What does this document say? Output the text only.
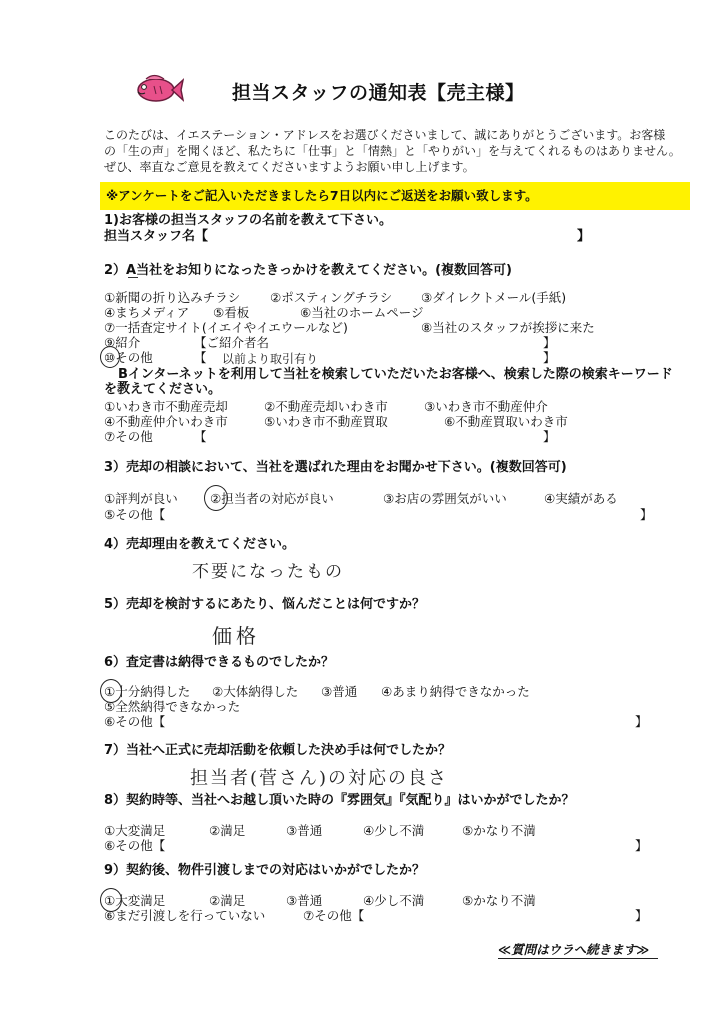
担当スタッフの通知表【売主様】
このたびは、イエステーション・アドレスをお選びくださいまして、誠にありがとうございます。お客様
の「生の声」を聞くほど、私たちに「仕事」と「情熱」と「やりがい」を与えてくれるものはありません。
ぜひ、率直なご意見を教えてくださいますようお願い申し上げます。
※アンケートをご記入いただきましたら7日以内にご返送をお願い致します。
1)お客様の担当スタッフの名前を教えて下さい。
担当スタッフ名【	】
2）A当社をお知りになったきっかけを教えてください。(複数回答可)
①新聞の折り込みチラシ ②ポスティングチラシ ③ダイレクトメール(手紙)
④まちメディア ⑤看板	⑥当社のホームページ
⑦一括査定サイト(イエイやイエウールなど)	⑧当社のスタッフが挨拶に来た
⑨紹介	【ご紹介者名	】
⑩その他	【 以前より取引有り	】
Bインターネットを利用して当社を検索していただいたお客様へ、検索した際の検索キーワード
を教えてください。
①いわき市不動産売却	②不動産売却いわき市	③いわき市不動産仲介
④不動産仲介いわき市	⑤いわき市不動産買取	⑥不動産買取いわき市
⑦その他	【	】
3）売却の相談において、当社を選ばれた理由をお聞かせ下さい。(複数回答可)
①評判が良い	②担当者の対応が良い	③お店の雰囲気がいい	④実績がある
⑤その他【	】
4）売却理由を教えてください。
不要になったもの
5）売却を検討するにあたり、悩んだことは何ですか？
価格
6）査定書は納得できるものでしたか？
①十分納得した ②大体納得した ③普通 ④あまり納得できなかった
⑤全然納得できなかった
⑥その他【	】
7）当社へ正式に売却活動を依頼した決め手は何でしたか？
担当者(菅さん)の対応の良さ
8）契約時等、当社へお越し頂いた時の『雰囲気』『気配り』はいかがでしたか？
①大変満足	②満足	③普通	④少し不満	⑤かなり不満
⑥その他【	】
9）契約後、物件引渡しまでの対応はいかがでしたか？
①大変満足	②満足	③普通	④少し不満	⑤かなり不満
⑥まだ引渡しを行っていない	⑦その他【	】
≪質問はウラへ続きます≫
